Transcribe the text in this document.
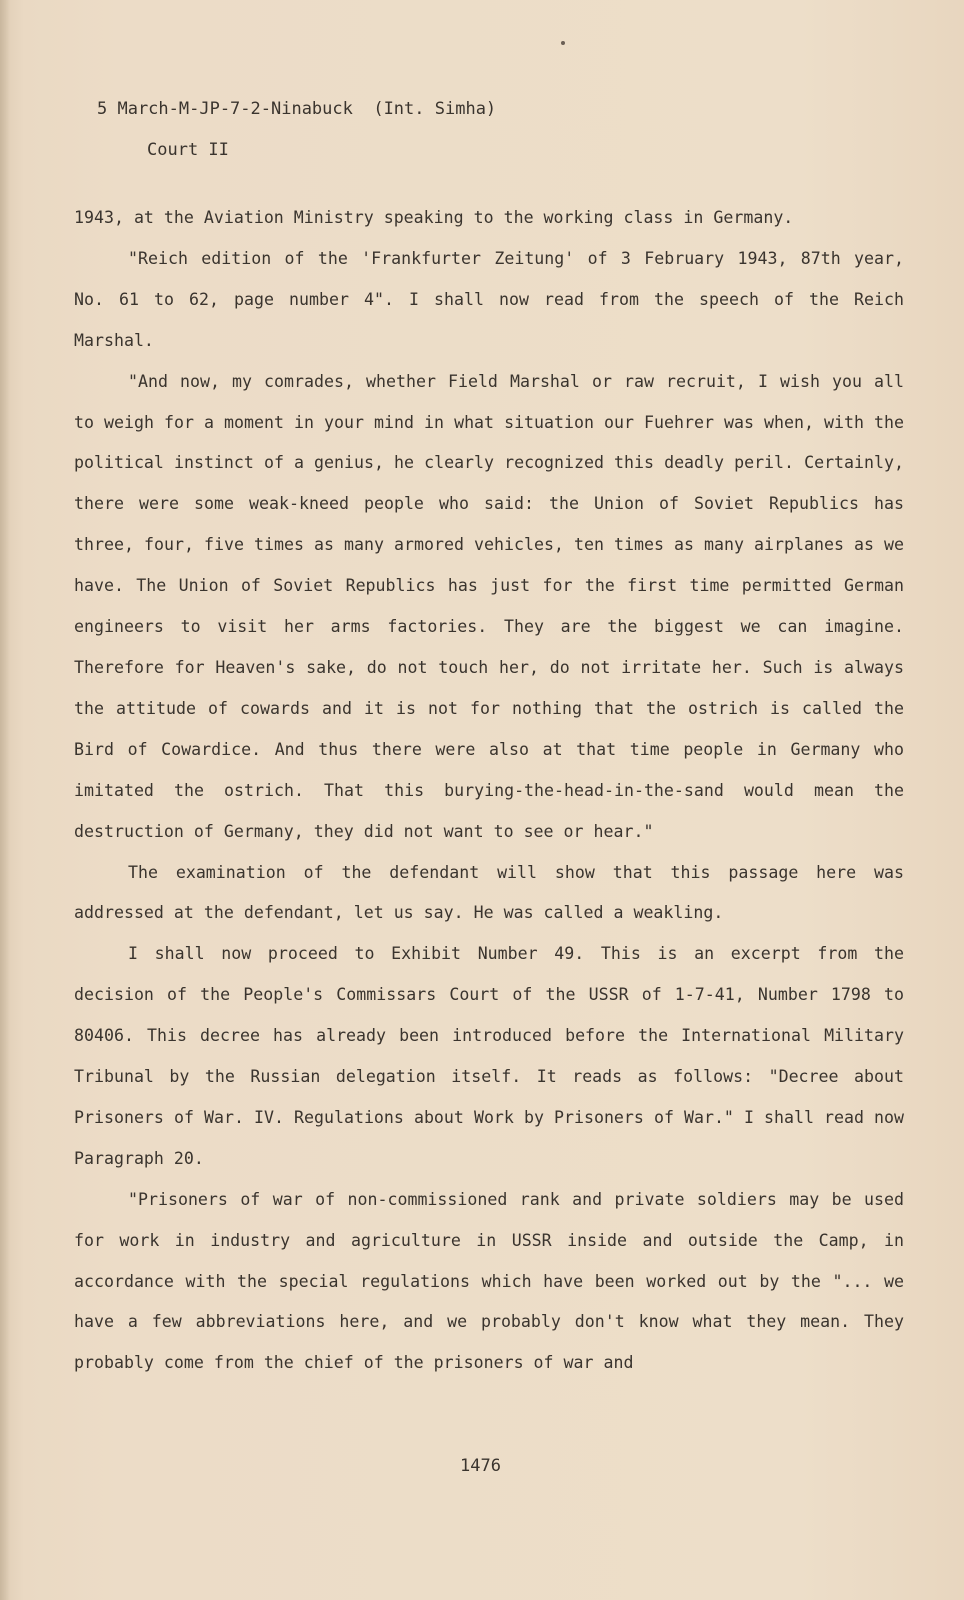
5 March-M-JP-7-2-Ninabuck  (Int. Simha)
Court II

1943, at the Aviation Ministry speaking to the working class in Germany.

"Reich edition of the 'Frankfurter Zeitung' of 3 February 1943, 87th year, No. 61 to 62, page number 4". I shall now read from the speech of the Reich Marshal.

"And now, my comrades, whether Field Marshal or raw recruit, I wish you all to weigh for a moment in your mind in what situation our Fuehrer was when, with the political instinct of a genius, he clearly recognized this deadly peril. Certainly, there were some weak-kneed people who said: the Union of Soviet Republics has three, four, five times as many armored vehicles, ten times as many airplanes as we have. The Union of Soviet Republics has just for the first time permitted German engineers to visit her arms factories. They are the biggest we can imagine. Therefore for Heaven's sake, do not touch her, do not irritate her. Such is always the attitude of cowards and it is not for nothing that the ostrich is called the Bird of Cowardice. And thus there were also at that time people in Germany who imitated the ostrich. That this burying-the-head-in-the-sand would mean the destruction of Germany, they did not want to see or hear."

The examination of the defendant will show that this passage here was addressed at the defendant, let us say. He was called a weakling.

I shall now proceed to Exhibit Number 49. This is an excerpt from the decision of the People's Commissars Court of the USSR of 1-7-41, Number 1798 to 80406. This decree has already been introduced before the International Military Tribunal by the Russian delegation itself. It reads as follows: "Decree about Prisoners of War. IV. Regulations about Work by Prisoners of War." I shall read now Paragraph 20.

"Prisoners of war of non-commissioned rank and private soldiers may be used for work in industry and agriculture in USSR inside and outside the Camp, in accordance with the special regulations which have been worked out by the "... we have a few abbreviations here, and we probably don't know what they mean. They probably come from the chief of the prisoners of war and

1476
